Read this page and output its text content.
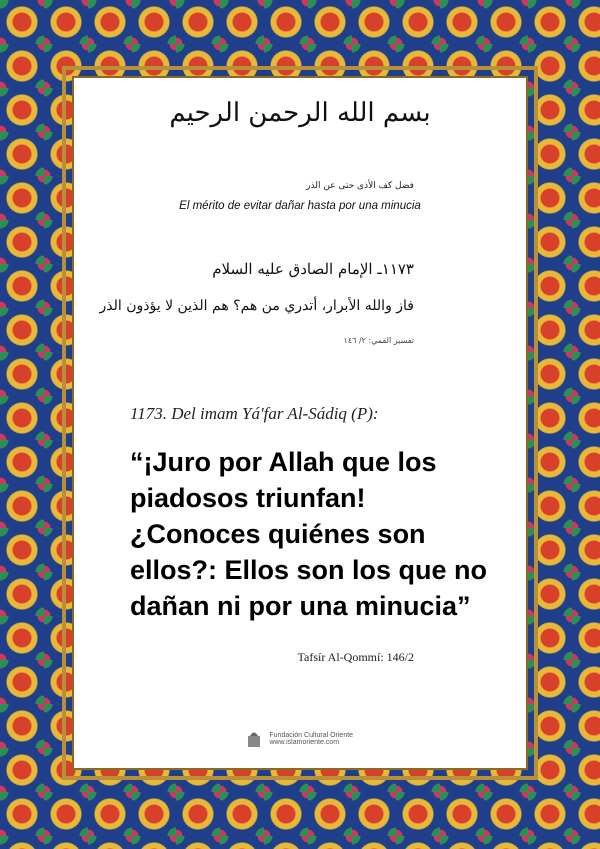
بسم الله الرحمن الرحيم
فضل كف الأذى حتى عن الذر
El mérito de evitar dañar hasta por una minucia
١١٧٣ـ الإمام الصادق عليه السلام
فاز والله الأبرار، أتدري من هم؟ هم الذين لا يؤذون الذر
تفسير القمي: ٢/ ١٤٦
1173. Del imam Yá'far Al-Sádiq (P):

“¡Juro por Allah que los piadosos triunfan! ¿Conoces quiénes son ellos?: Ellos son los que no dañan ni por una minucia”

Tafsír Al-Qommí: 146/2

Fundación Cultural Oriente
www.islamoriente.com
